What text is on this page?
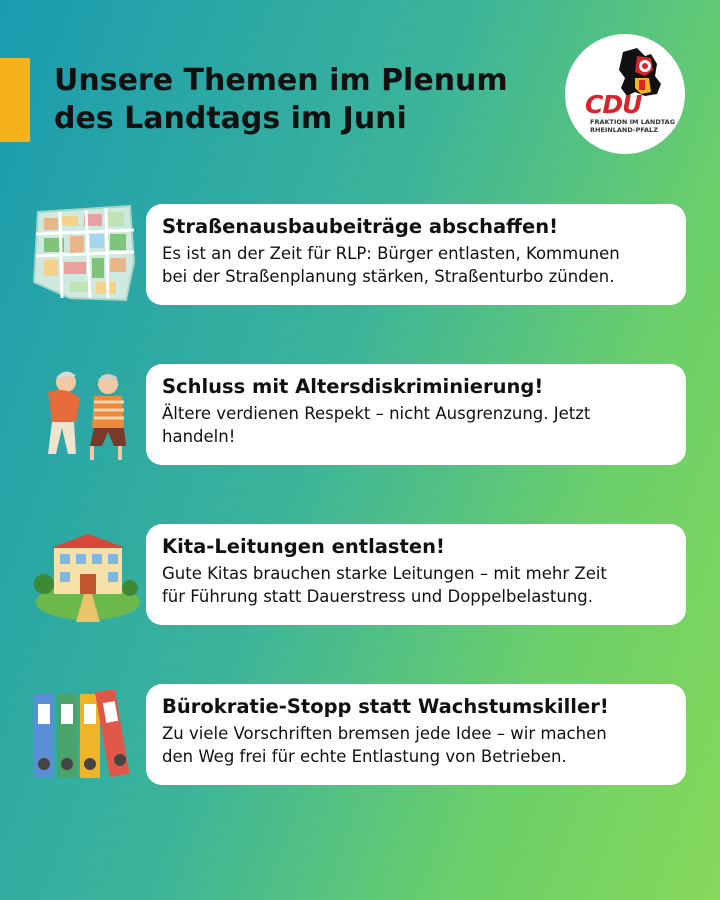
Unsere Themen im Plenum
des Landtags im Juni	CDU
FRAKTION IM LANDTAG
RHEINLAND-PFALZ
Straßenausbaubeiträge abschaffen!
Es ist an der Zeit für RLP: Bürger entlasten, Kommunen
bei der Straßenplanung stärken, Straßenturbo zünden.
Schluss mit Altersdiskriminierung!
Ältere verdienen Respekt – nicht Ausgrenzung. Jetzt
handeln!
Kita-Leitungen entlasten!
Gute Kitas brauchen starke Leitungen – mit mehr Zeit
für Führung statt Dauerstress und Doppelbelastung.
Bürokratie-Stopp statt Wachstumskiller!
Zu viele Vorschriften bremsen jede Idee – wir machen
den Weg frei für echte Entlastung von Betrieben.
